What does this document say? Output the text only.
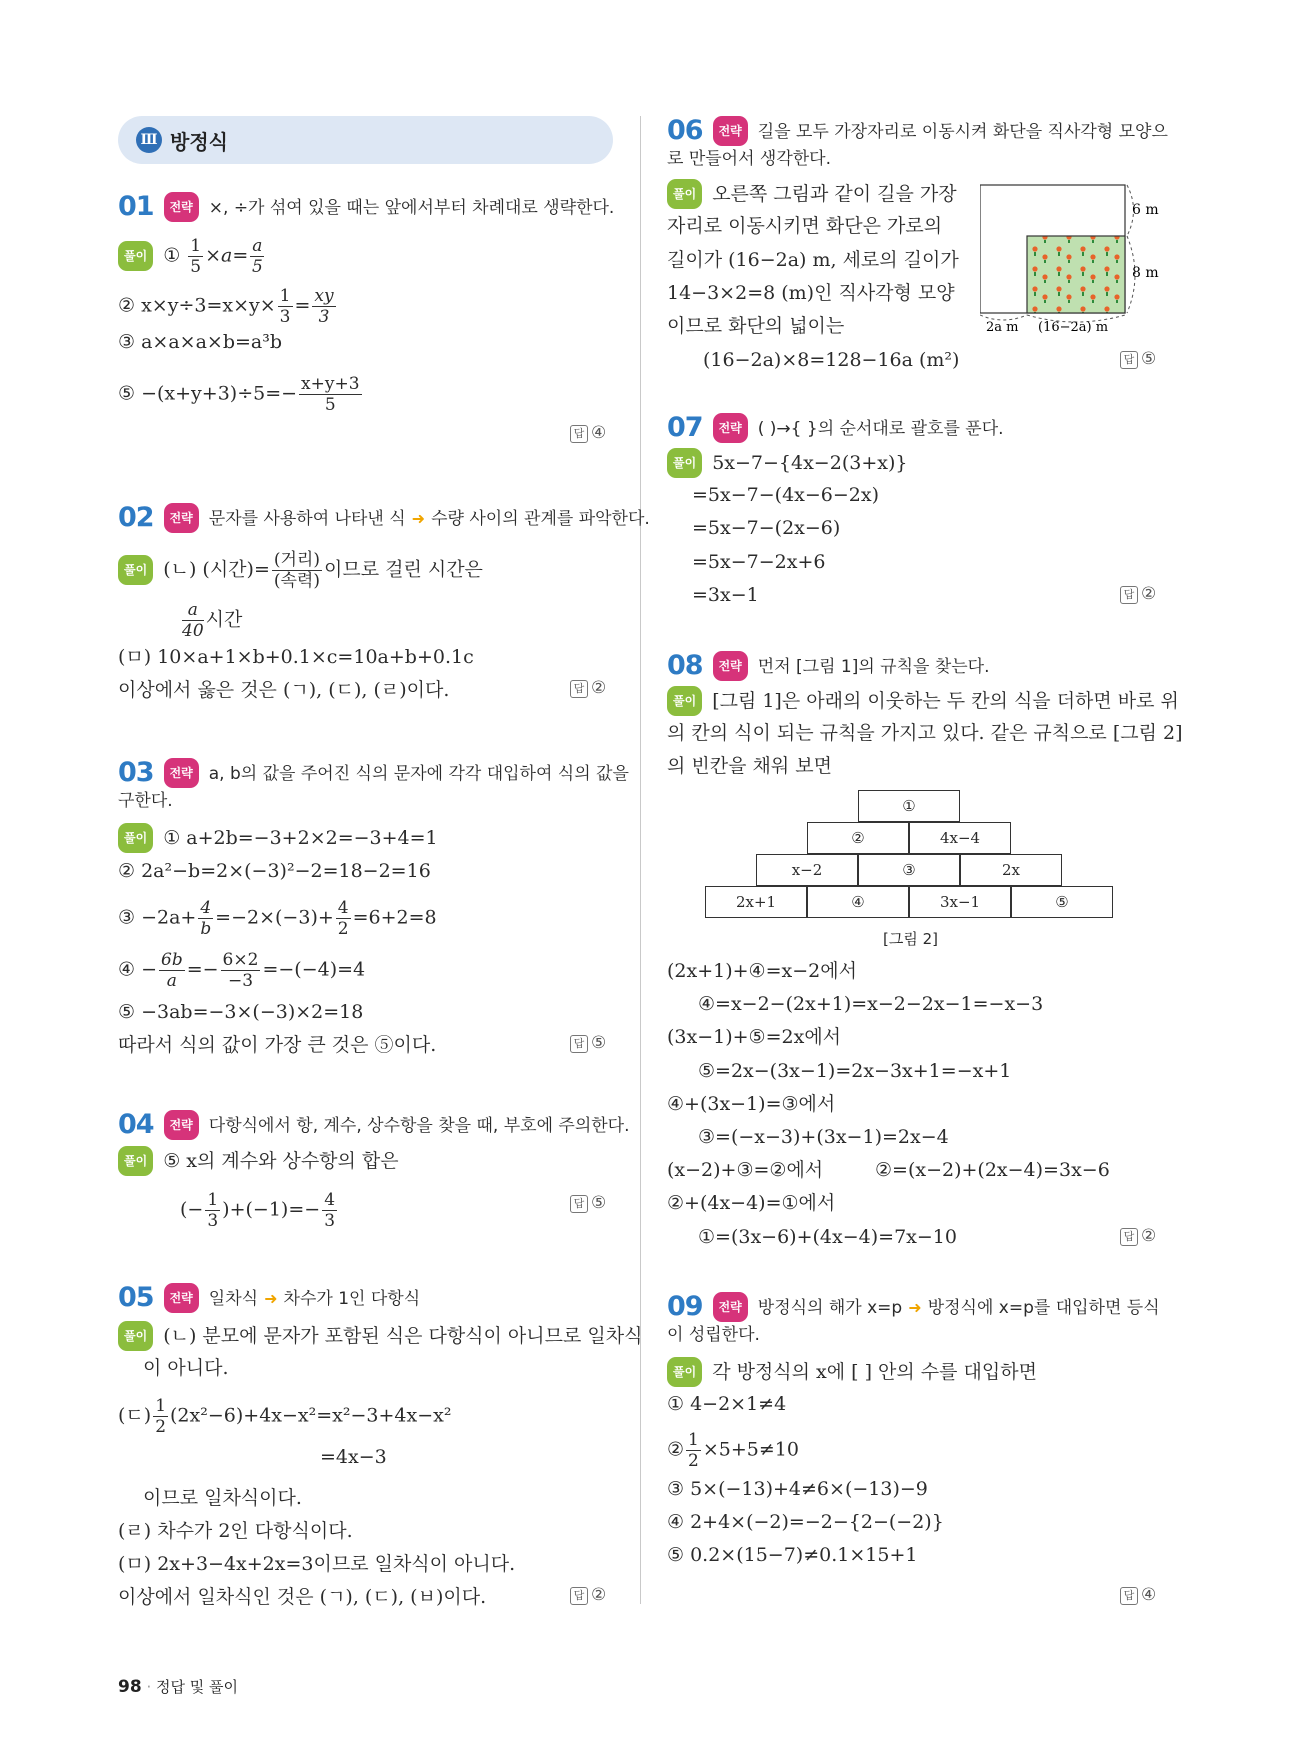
Ⅲ 방정식
01 전략 ×, ÷가 섞여 있을 때는 앞에서부터 차례대로 생략한다.
풀이 ① $\frac{1}{5} \times a= \frac{a}{5}$
② $x\times y\div 3=x\times y\times \frac{1}{3} = \frac{xy}{3}$
③ a×a×a×b=a³b
⑤ $-(x+y+3)\div 5=- \frac{x+y+3}{5}$
답 ④
02 전략 문자를 사용하여 나타낸 식 ➜ 수량 사이의 관계를 파악한다.
풀이 (ㄴ) (시간)= $\frac{\text{(거리)}}{\text{(속력)}}$ 이므로 걸린 시간은
$\frac{a}{40}$ 시간
(ㅁ) 10×a+1×b+0.1×c=10a+b+0.1c
이상에서 옳은 것은 (ㄱ), (ㄷ), (ㄹ)이다.	답 ②
03 전략 a, b의 값을 주어진 식의 문자에 각각 대입하여 식의 값을
구한다.
풀이 ① a+2b=−3+2×2=−3+4=1
② 2a²−b=2×(−3)²−2=18−2=16
③ $-2a+ \frac{4}{b} =-2\times(-3)+ \frac{4}{2} =6+2=8$
④ − $\frac{6b}{a} =- \frac{6\times 2}{-3} =-(-4)=4$
⑤ −3ab=−3×(−3)×2=18
따라서 식의 값이 가장 큰 것은 ⑤이다.	답 ⑤
04 전략 다항식에서 항, 계수, 상수항을 찾을 때, 부호에 주의한다.
풀이 ⑤ x의 계수와 상수항의 합은
(− $\frac{1}{3} )+(-1)=- \frac{4}{3}$	답 ⑤
05 전략 일차식 ➜ 차수가 1인 다항식
풀이 (ㄴ) 분모에 문자가 포함된 식은 다항식이 아니므로 일차식
이 아니다.
(ㄷ) $\frac{1}{2} (2x^2-6)+4x-x^2=x^2-3+4x-x^2$
=4x−3
이므로 일차식이다.
(ㄹ) 차수가 2인 다항식이다.
(ㅁ) 2x+3−4x+2x=3이므로 일차식이 아니다.
이상에서 일차식인 것은 (ㄱ), (ㄷ), (ㅂ)이다.	답 ②
06 전략 길을 모두 가장자리로 이동시켜 화단을 직사각형 모양으
로 만들어서 생각한다.
풀이 오른쪽 그림과 같이 길을 가장
자리로 이동시키면 화단은 가로의
길이가 (16−2a) m, 세로의 길이가
14−3×2=8 (m)인 직사각형 모양
이므로 화단의 넓이는
(16−2a)×8=128−16a (m²)	답 ⑤
6 m
8 m
2a m (16−2a) m
07 전략 ( )→{ }의 순서대로 괄호를 푼다.
풀이 5x−7−{4x−2(3+x)}
=5x−7−(4x−6−2x)
=5x−7−(2x−6)
=5x−7−2x+6
=3x−1	답 ②
08 전략 먼저 [그림 1]의 규칙을 찾는다.
풀이 [그림 1]은 아래의 이웃하는 두 칸의 식을 더하면 바로 위
의 칸의 식이 되는 규칙을 가지고 있다. 같은 규칙으로 [그림 2]
의 빈칸을 채워 보면
①
②	4x−4
x−2	③	2x
2x+1	④	3x−1	⑤
[그림 2]
(2x+1)+④=x−2에서
④=x−2−(2x+1)=x−2−2x−1=−x−3
(3x−1)+⑤=2x에서
⑤=2x−(3x−1)=2x−3x+1=−x+1
④+(3x−1)=③에서
③=(−x−3)+(3x−1)=2x−4
(x−2)+③=②에서	②=(x−2)+(2x−4)=3x−6
②+(4x−4)=①에서
①=(3x−6)+(4x−4)=7x−10	답 ②
09 전략 방정식의 해가 x=p ➜ 방정식에 x=p를 대입하면 등식
이 성립한다.
풀이 각 방정식의 x에 [ ] 안의 수를 대입하면
① 4−2×1≠4
② $\frac{1}{2} \times 5+5\ne 10$
③ 5×(−13)+4≠6×(−13)−9
④ 2+4×(−2)=−2−{2−(−2)}
⑤ 0.2×(15−7)≠0.1×15+1
답 ④
98 · 정답 및 풀이
